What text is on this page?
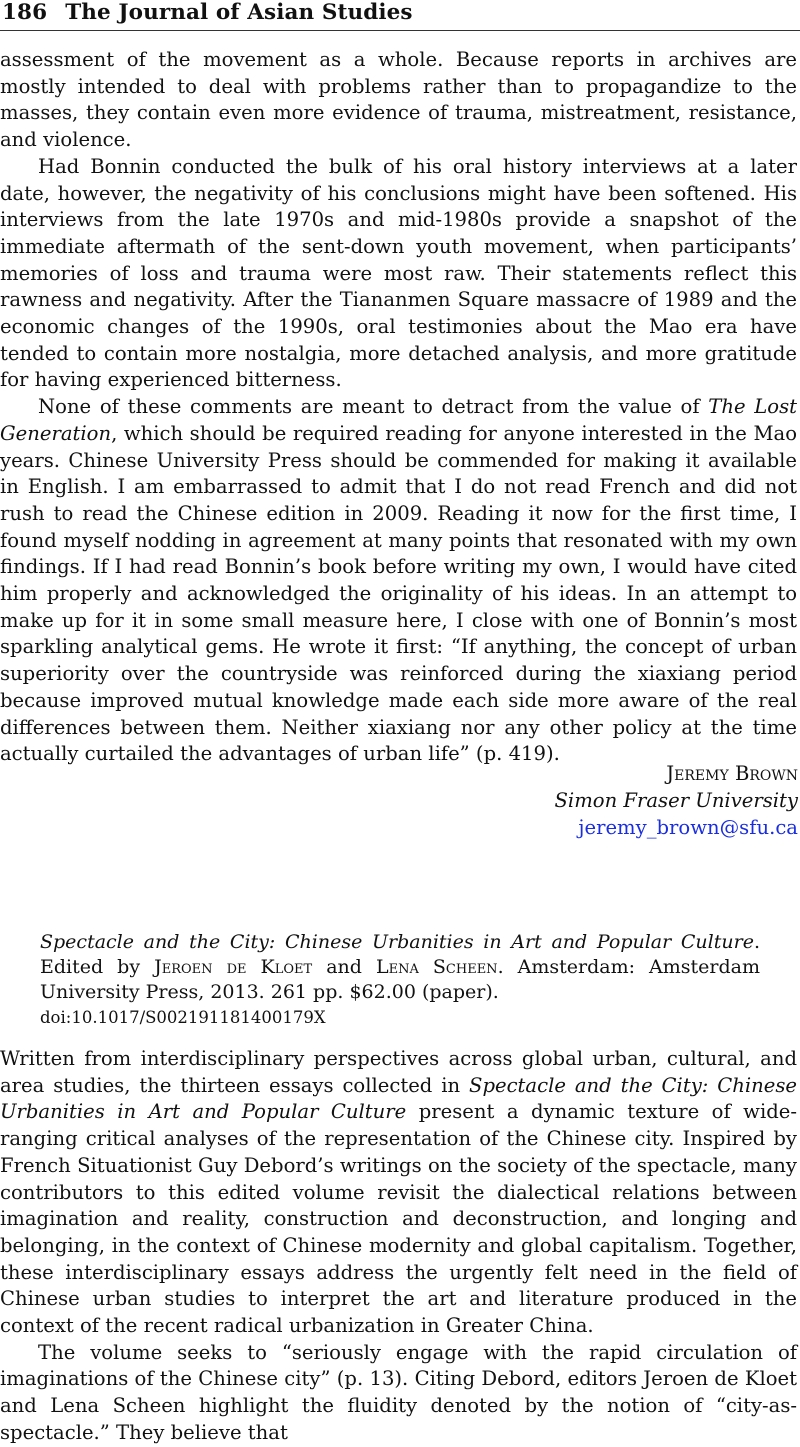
186 The Journal of Asian Studies

assessment of the movement as a whole. Because reports in archives are mostly intended to deal with problems rather than to propagandize to the masses, they contain even more evidence of trauma, mistreatment, resistance, and violence.

Had Bonnin conducted the bulk of his oral history interviews at a later date, however, the negativity of his conclusions might have been softened. His interviews from the late 1970s and mid-1980s provide a snapshot of the immediate aftermath of the sent-down youth movement, when participants’ memories of loss and trauma were most raw. Their statements reflect this rawness and negativity. After the Tiananmen Square massacre of 1989 and the economic changes of the 1990s, oral testimonies about the Mao era have tended to contain more nostalgia, more detached analysis, and more gratitude for having experienced bitterness.

None of these comments are meant to detract from the value of The Lost Generation, which should be required reading for anyone interested in the Mao years. Chinese University Press should be commended for making it available in English. I am embarrassed to admit that I do not read French and did not rush to read the Chinese edition in 2009. Reading it now for the first time, I found myself nodding in agreement at many points that resonated with my own findings. If I had read Bonnin’s book before writing my own, I would have cited him properly and acknowledged the originality of his ideas. In an attempt to make up for it in some small measure here, I close with one of Bonnin’s most sparkling analytical gems. He wrote it first: “If anything, the concept of urban superiority over the countryside was reinforced during the xiaxiang period because improved mutual knowledge made each side more aware of the real differences between them. Neither xiaxiang nor any other policy at the time actually curtailed the advantages of urban life” (p. 419).

Jeremy Brown
Simon Fraser University
jeremy_brown@sfu.ca
Spectacle and the City: Chinese Urbanities in Art and Popular Culture. Edited by Jeroen de Kloet and Lena Scheen. Amsterdam: Amsterdam University Press, 2013. 261 pp. $62.00 (paper).
doi:10.1017/S002191181400179X

Written from interdisciplinary perspectives across global urban, cultural, and area studies, the thirteen essays collected in Spectacle and the City: Chinese Urbanities in Art and Popular Culture present a dynamic texture of wide-ranging critical analyses of the representation of the Chinese city. Inspired by French Situationist Guy Debord’s writings on the society of the spectacle, many contributors to this edited volume revisit the dialectical relations between imagination and reality, construction and deconstruction, and longing and belonging, in the context of Chinese modernity and global capitalism. Together, these interdisciplinary essays address the urgently felt need in the field of Chinese urban studies to interpret the art and literature produced in the context of the recent radical urbanization in Greater China.

The volume seeks to “seriously engage with the rapid circulation of imaginations of the Chinese city” (p. 13). Citing Debord, editors Jeroen de Kloet and Lena Scheen highlight the fluidity denoted by the notion of “city-as-spectacle.” They believe that
